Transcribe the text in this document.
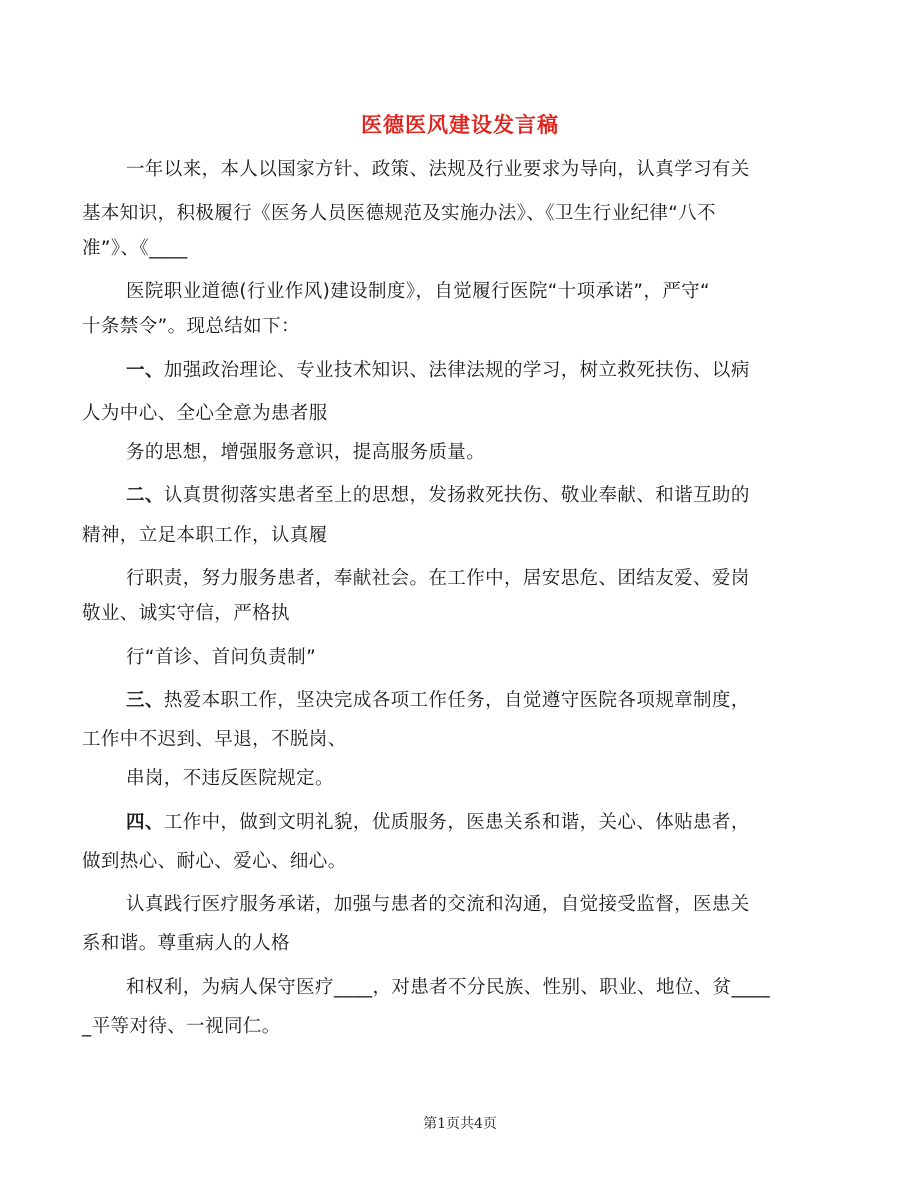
医德医风建设发言稿
一年以来，本人以国家方针、政策、法规及行业要求为导向，认真学习有关
基本知识，积极履行《医务人员医德规范及实施办法》、《卫生行业纪律“八不
准”》、《____
医院职业道德(行业作风)建设制度》，自觉履行医院“十项承诺”，严守“
十条禁令”。现总结如下：
一、加强政治理论、专业技术知识、法律法规的学习，树立救死扶伤、以病
人为中心、全心全意为患者服
务的思想，增强服务意识，提高服务质量。
二、认真贯彻落实患者至上的思想，发扬救死扶伤、敬业奉献、和谐互助的
精神，立足本职工作，认真履
行职责，努力服务患者，奉献社会。在工作中，居安思危、团结友爱、爱岗
敬业、诚实守信，严格执
行“首诊、首问负责制”
三、热爱本职工作，坚决完成各项工作任务，自觉遵守医院各项规章制度，
工作中不迟到、早退，不脱岗、
串岗，不违反医院规定。
四、工作中，做到文明礼貌，优质服务，医患关系和谐，关心、体贴患者，
做到热心、耐心、爱心、细心。
认真践行医疗服务承诺，加强与患者的交流和沟通，自觉接受监督，医患关
系和谐。尊重病人的人格
和权利，为病人保守医疗____，对患者不分民族、性别、职业、地位、贫____
_平等对待、一视同仁。
第1页共4页
